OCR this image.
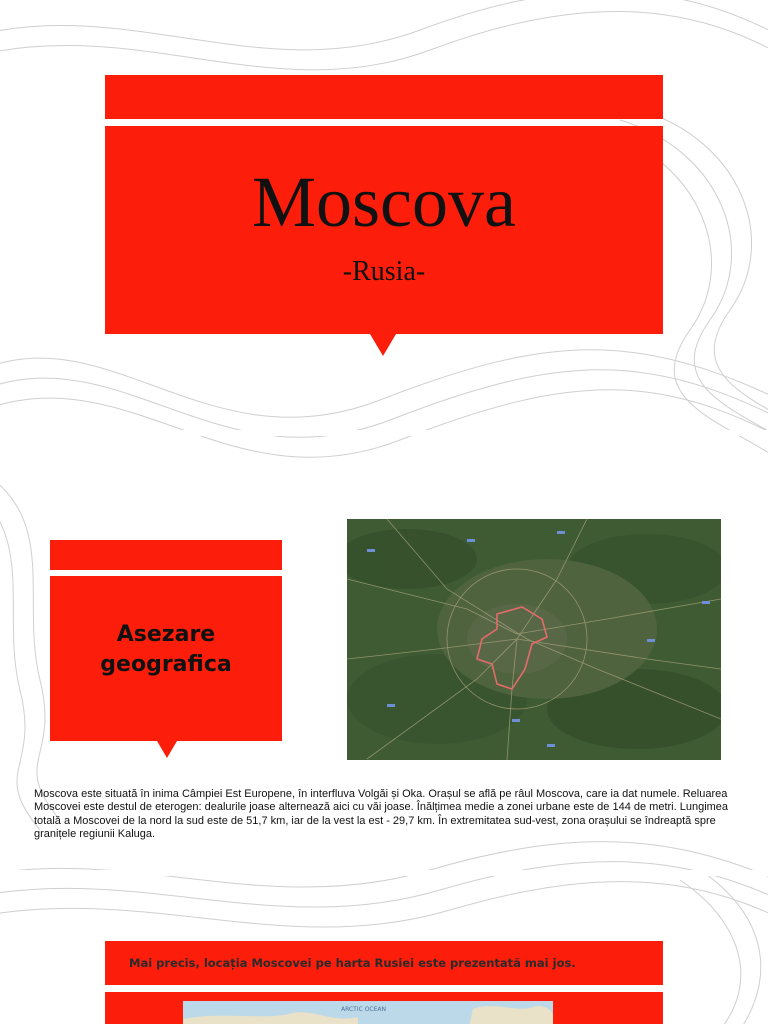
Moscova
-Rusia-
Asezare
geografica
Moscova este situată în inima Câmpiei Est Europene, în interfluva Volgăi și Oka. Orașul se află pe râul Moscova, care ia dat numele. Reluarea Moscovei este destul de eterogen: dealurile joase alternează aici cu văi joase. Înălțimea medie a zonei urbane este de 144 de metri. Lungimea totală a Moscovei de la nord la sud este de 51,7 km, iar de la vest la est - 29,7 km. În extremitatea sud-vest, zona orașului se îndreaptă spre granițele regiunii Kaluga.
Mai precis, locația Moscovei pe harta Rusiei este prezentată mai jos.
ARCTIC OCEAN
